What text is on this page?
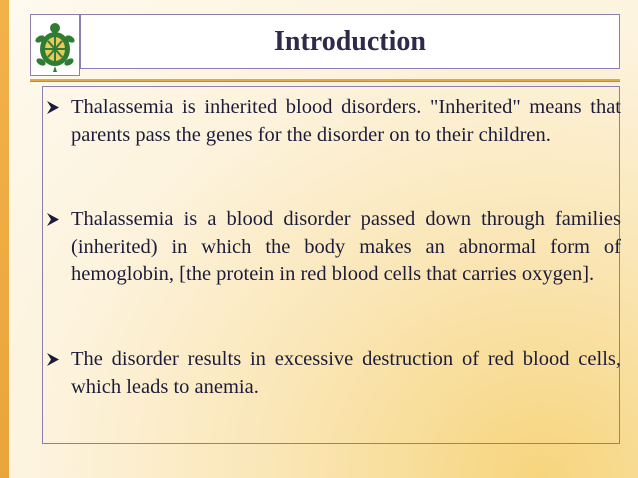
Introduction
Thalassemia is inherited blood disorders. "Inherited" means that parents pass the genes for the disorder on to their children.
Thalassemia is a blood disorder passed down through families (inherited) in which the body makes an abnormal form of hemoglobin, [the protein in red blood cells that carries oxygen].
The disorder results in excessive destruction of red blood cells, which leads to anemia.
